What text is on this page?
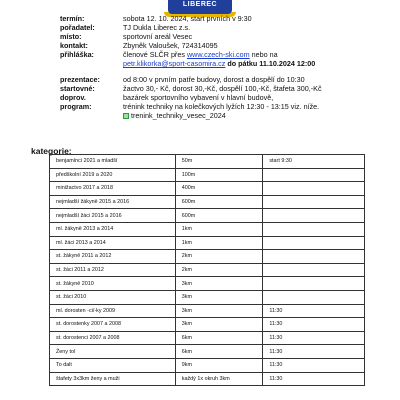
LIBEREC
termín:	sobota 12. 10. 2024, start prvních v 9:30
pořadatel:	TJ Dukla Liberec z.s.
místo:	sportovní areál Vesec
kontakt:	Zbyněk Valoušek, 724314095
přihláška:	členové SLČR přes www.czech-ski.com nebo na
petr.klikorka@sport-casomira.cz do pátku 11.10.2024 12:00
prezentace:	od 8:00 v prvním patře budovy, dorost a dospělí do 10:30
startovné:	žactvo 30,- Kč, dorost 30,-Kč, dospělí 100,-Kč, štafeta 300,-Kč
doprov. program:
bazárek sportovního vybavení v hlavní budově,
trénink techniky na kolečkových lyžích 12:30 - 13:15 viz. níže.
trenink_techniky_vesec_2024
kategorie:
benjamínci 2021 a mladší	50m	start 9:30
předškolní 2019 a 2020	100m	
minižactvo 2017 a 2018	400m	
nejmladší žákyně 2015 a 2016	600m	
nejmladší žáci 2015 a 2016	600m	
ml. žákyně 2013 a 2014	1km	
ml. žáci 2013 a 2014	1km	
st. žákyně 2011 a 2012	2km	
st. žáci 2011 a 2012	2km	
st. žákyně 2010	3km	
st. žáci 2010	3km	
ml. dorosten -ci/-ky 2009	3km	11:30
st. dorostenky 2007 a 2008	3km	11:30
st. dorostenci 2007 a 2008	6km	11:30
Ženy tol	6km	11:30
To dalt	9km	11:30
štafety 3x3km ženy a muži	každý 1x okruh 3km	11:30
